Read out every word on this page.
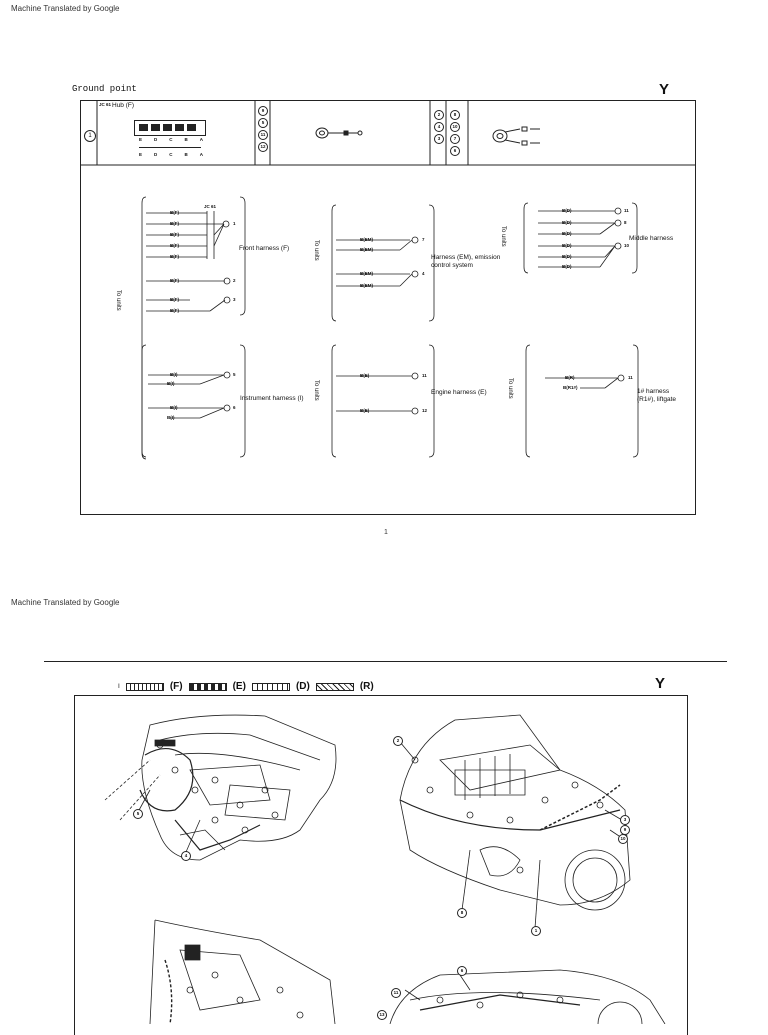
Machine Translated by Google
Ground point	Y
1
JC 61 Hub (F)
E	D	C	B	A
E	D	C	B	A
9
5
11
12
2
4
3
8
10
7
6
JC 61
B(F)
B(F)
B(F)
B(F)
B(F)
B(F)
B(F)
B(F)
1
2
3
Front harness (F)
To units
B(EM)
B(EM)
B(EM)
B(EM)
7
4
Harness (EM), emission control system
To units
B(D)
B(D)
B(D)
B(D)
B(D)
B(D)
11
8
10
Middle harness
To units
B(I)
B(I)
B(I)
B(I)
5
6
Instrument harness (I)	To units
B(E)
B(E)
11
12
Engine harness (E)
B(R)
B(R1#)
11
1# harness (R1#), liftgate
To units
1
Machine Translated by Google
I	(F)	(E)	(D)	(R)	Y
5
4
2
3
9
10
8
1
6
11
13
